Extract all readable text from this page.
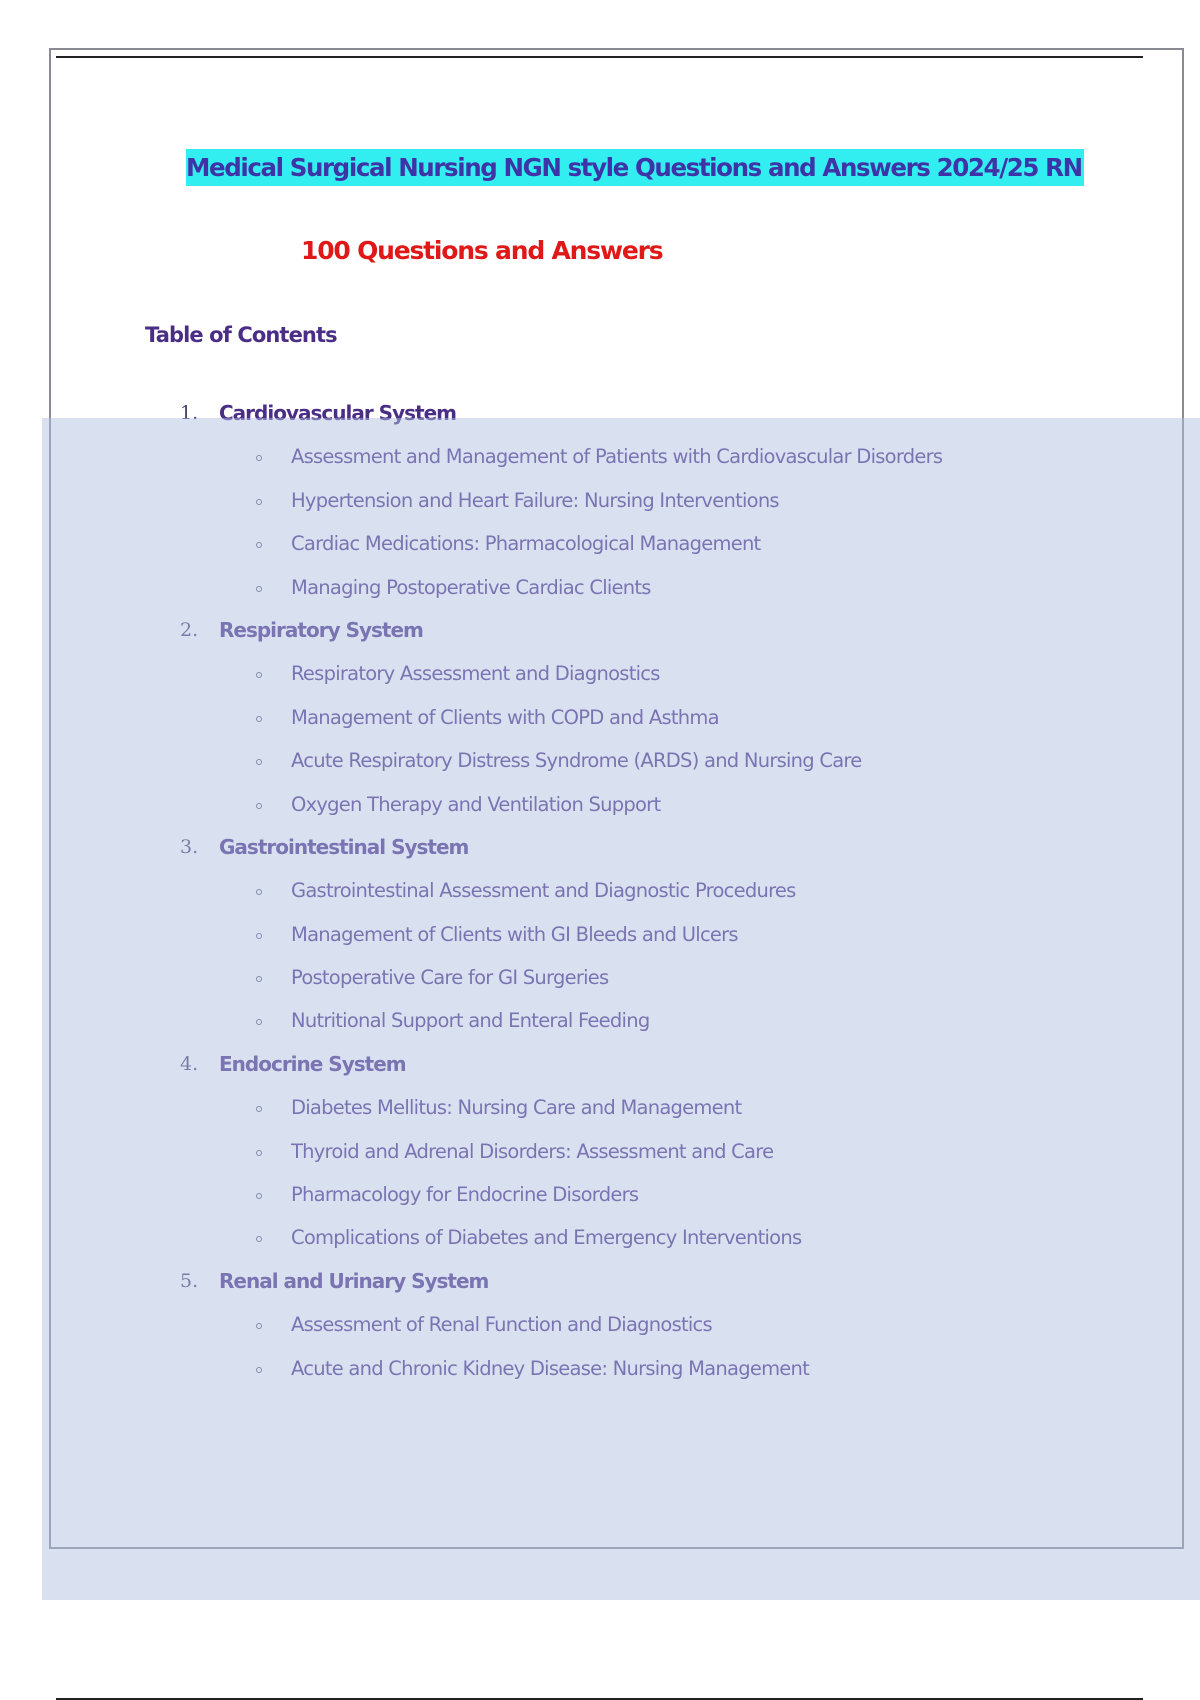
Medical Surgical Nursing NGN style Questions and Answers 2024/25 RN
100 Questions and Answers
Table of Contents
1. Cardiovascular System
Assessment and Management of Patients with Cardiovascular Disorders
Hypertension and Heart Failure: Nursing Interventions
Cardiac Medications: Pharmacological Management
Managing Postoperative Cardiac Clients
2. Respiratory System
Respiratory Assessment and Diagnostics
Management of Clients with COPD and Asthma
Acute Respiratory Distress Syndrome (ARDS) and Nursing Care
Oxygen Therapy and Ventilation Support
3. Gastrointestinal System
Gastrointestinal Assessment and Diagnostic Procedures
Management of Clients with GI Bleeds and Ulcers
Postoperative Care for GI Surgeries
Nutritional Support and Enteral Feeding
4. Endocrine System
Diabetes Mellitus: Nursing Care and Management
Thyroid and Adrenal Disorders: Assessment and Care
Pharmacology for Endocrine Disorders
Complications of Diabetes and Emergency Interventions
5. Renal and Urinary System
Assessment of Renal Function and Diagnostics
Acute and Chronic Kidney Disease: Nursing Management
